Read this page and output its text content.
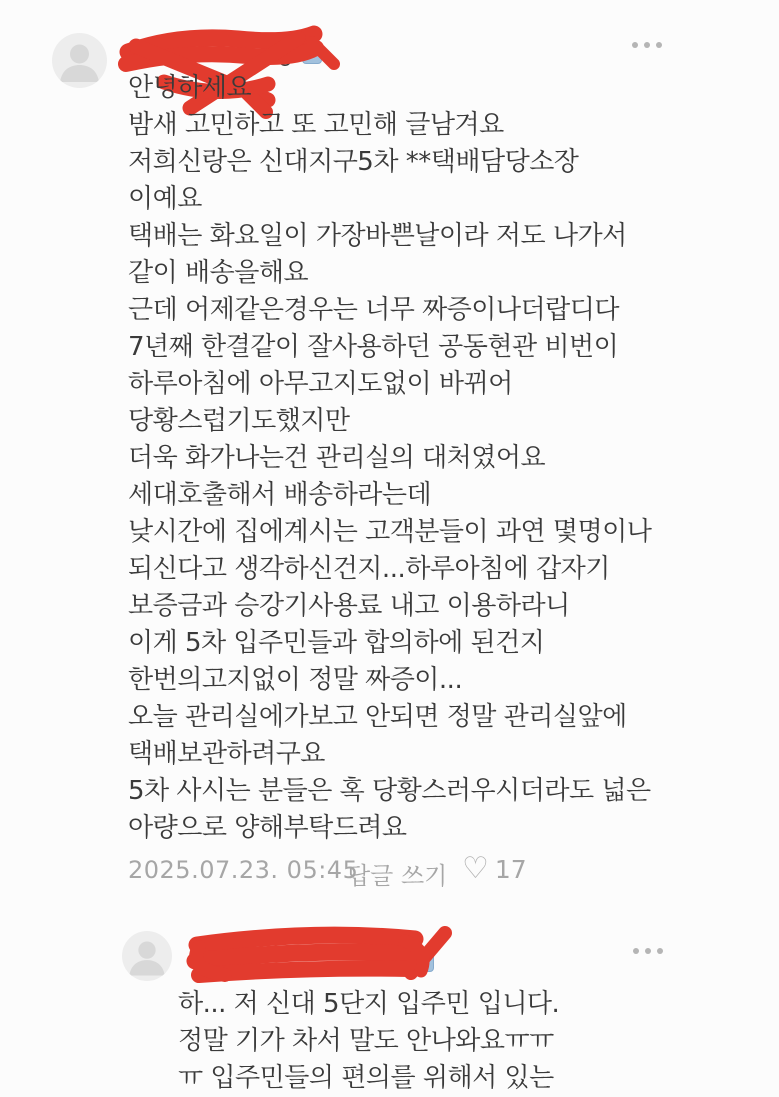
향 2
안녕하세요
밤새 고민하고 또 고민해 글남겨요
저희신랑은 신대지구5차 **택배담당소장
이예요
택배는 화요일이 가장바쁜날이라 저도 나가서
같이 배송을해요
근데 어제같은경우는 너무 짜증이나더랍디다
7년째 한결같이 잘사용하던 공동현관 비번이
하루아침에 아무고지도없이 바뀌어
당황스럽기도했지만
더욱 화가나는건 관리실의 대처였어요
세대호출해서 배송하라는데
낮시간에 집에계시는 고객분들이 과연 몇명이나
되신다고 생각하신건지...하루아침에 갑자기
보증금과 승강기사용료 내고 이용하라니
이게 5차 입주민들과 합의하에 된건지
한번의고지없이 정말 짜증이...
오늘 관리실에가보고 안되면 정말 관리실앞에
택배보관하려구요
5차 사시는 분들은 혹 당황스러우시더라도 넓은
아량으로 양해부탁드려요
2025.07.23. 05:45
답글 쓰기 ♡ 17
위	대 2
하... 저 신대 5단지 입주민 입니다.
정말 기가 차서 말도 안나와요ㅠㅠ
ㅠ 입주민들의 편의를 위해서 있는
